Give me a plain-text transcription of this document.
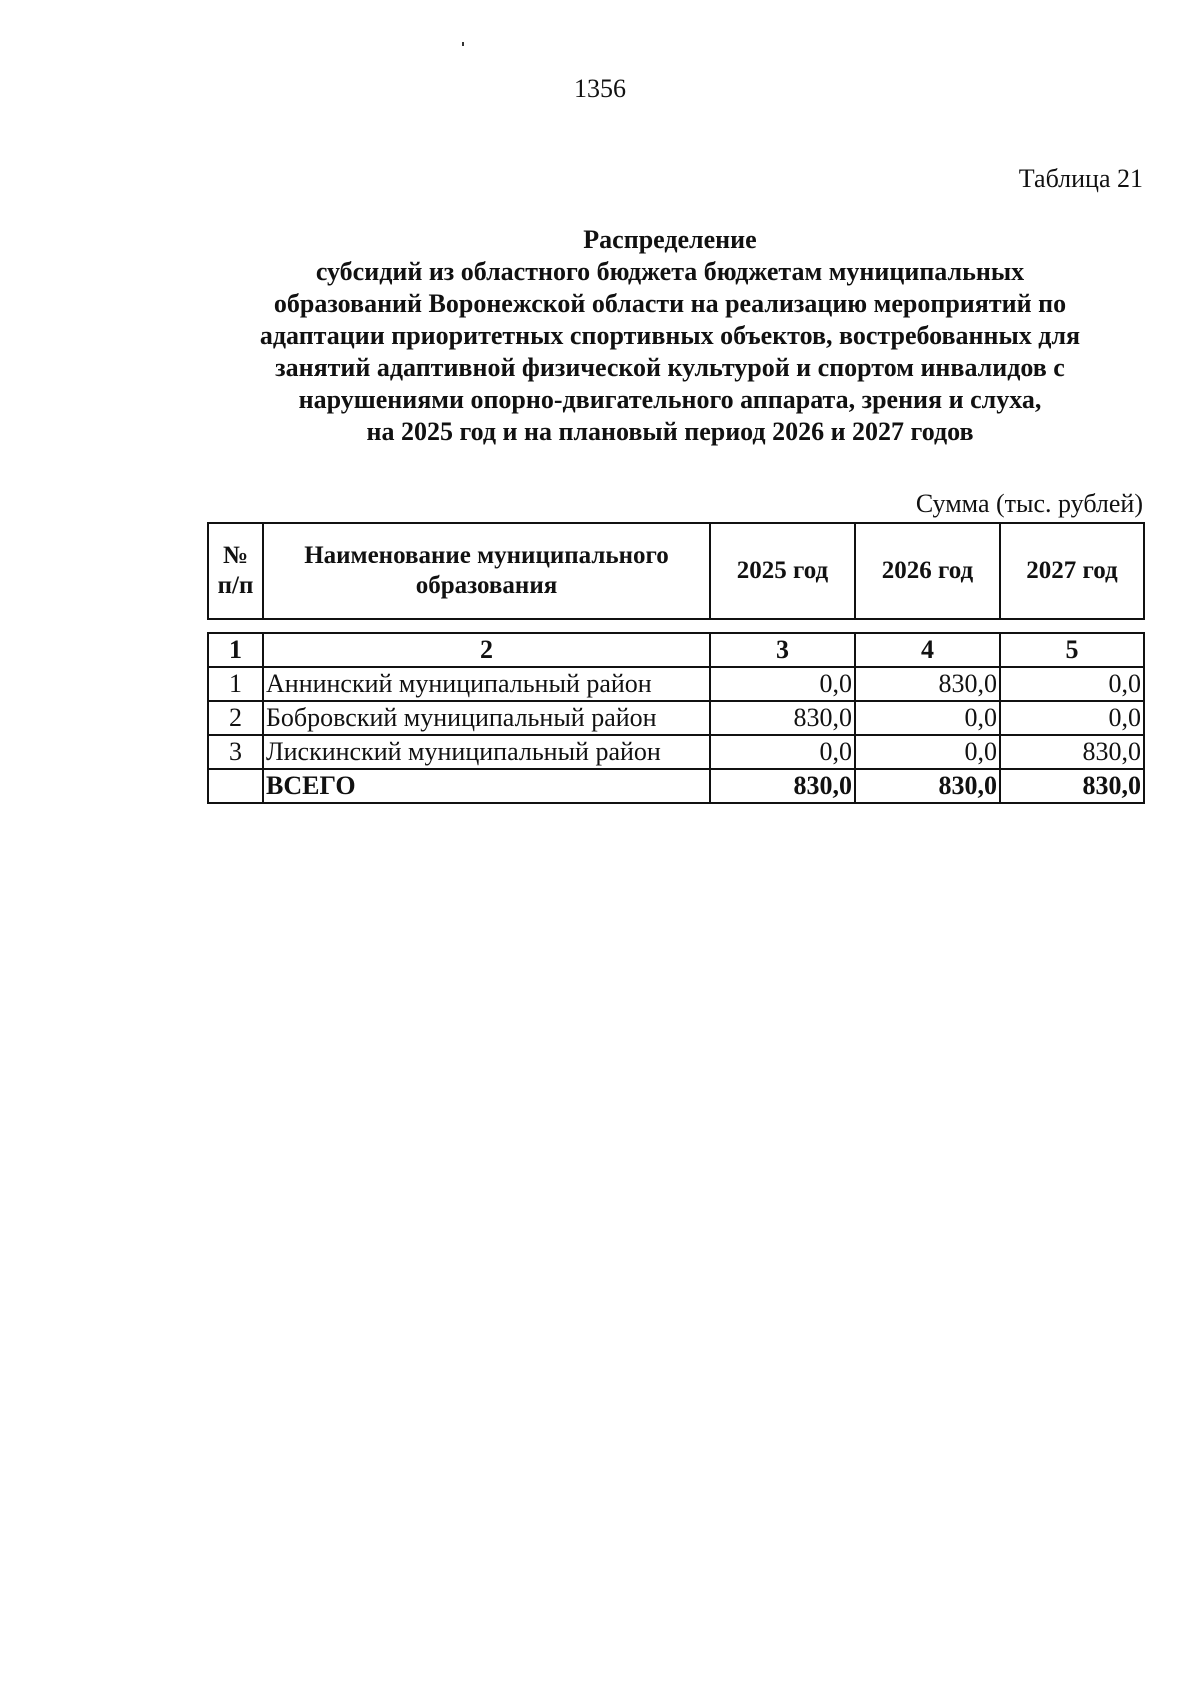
1356
Таблица 21
Распределение
субсидий из областного бюджета бюджетам муниципальных
образований Воронежской области на реализацию мероприятий по
адаптации приоритетных спортивных объектов, востребованных для
занятий адаптивной физической культурой и спортом инвалидов с
нарушениями опорно-двигательного аппарата, зрения и слуха,
на 2025 год и на плановый период 2026 и 2027 годов
Сумма (тыс. рублей)
№ п/п	Наименование муниципального образования	2025 год	2026 год	2027 год
1	2	3	4	5
1	Аннинский муниципальный район	0,0	830,0	0,0
2	Бобровский муниципальный район	830,0	0,0	0,0
3	Лискинский муниципальный район	0,0	0,0	830,0
	ВСЕГО	830,0	830,0	830,0
